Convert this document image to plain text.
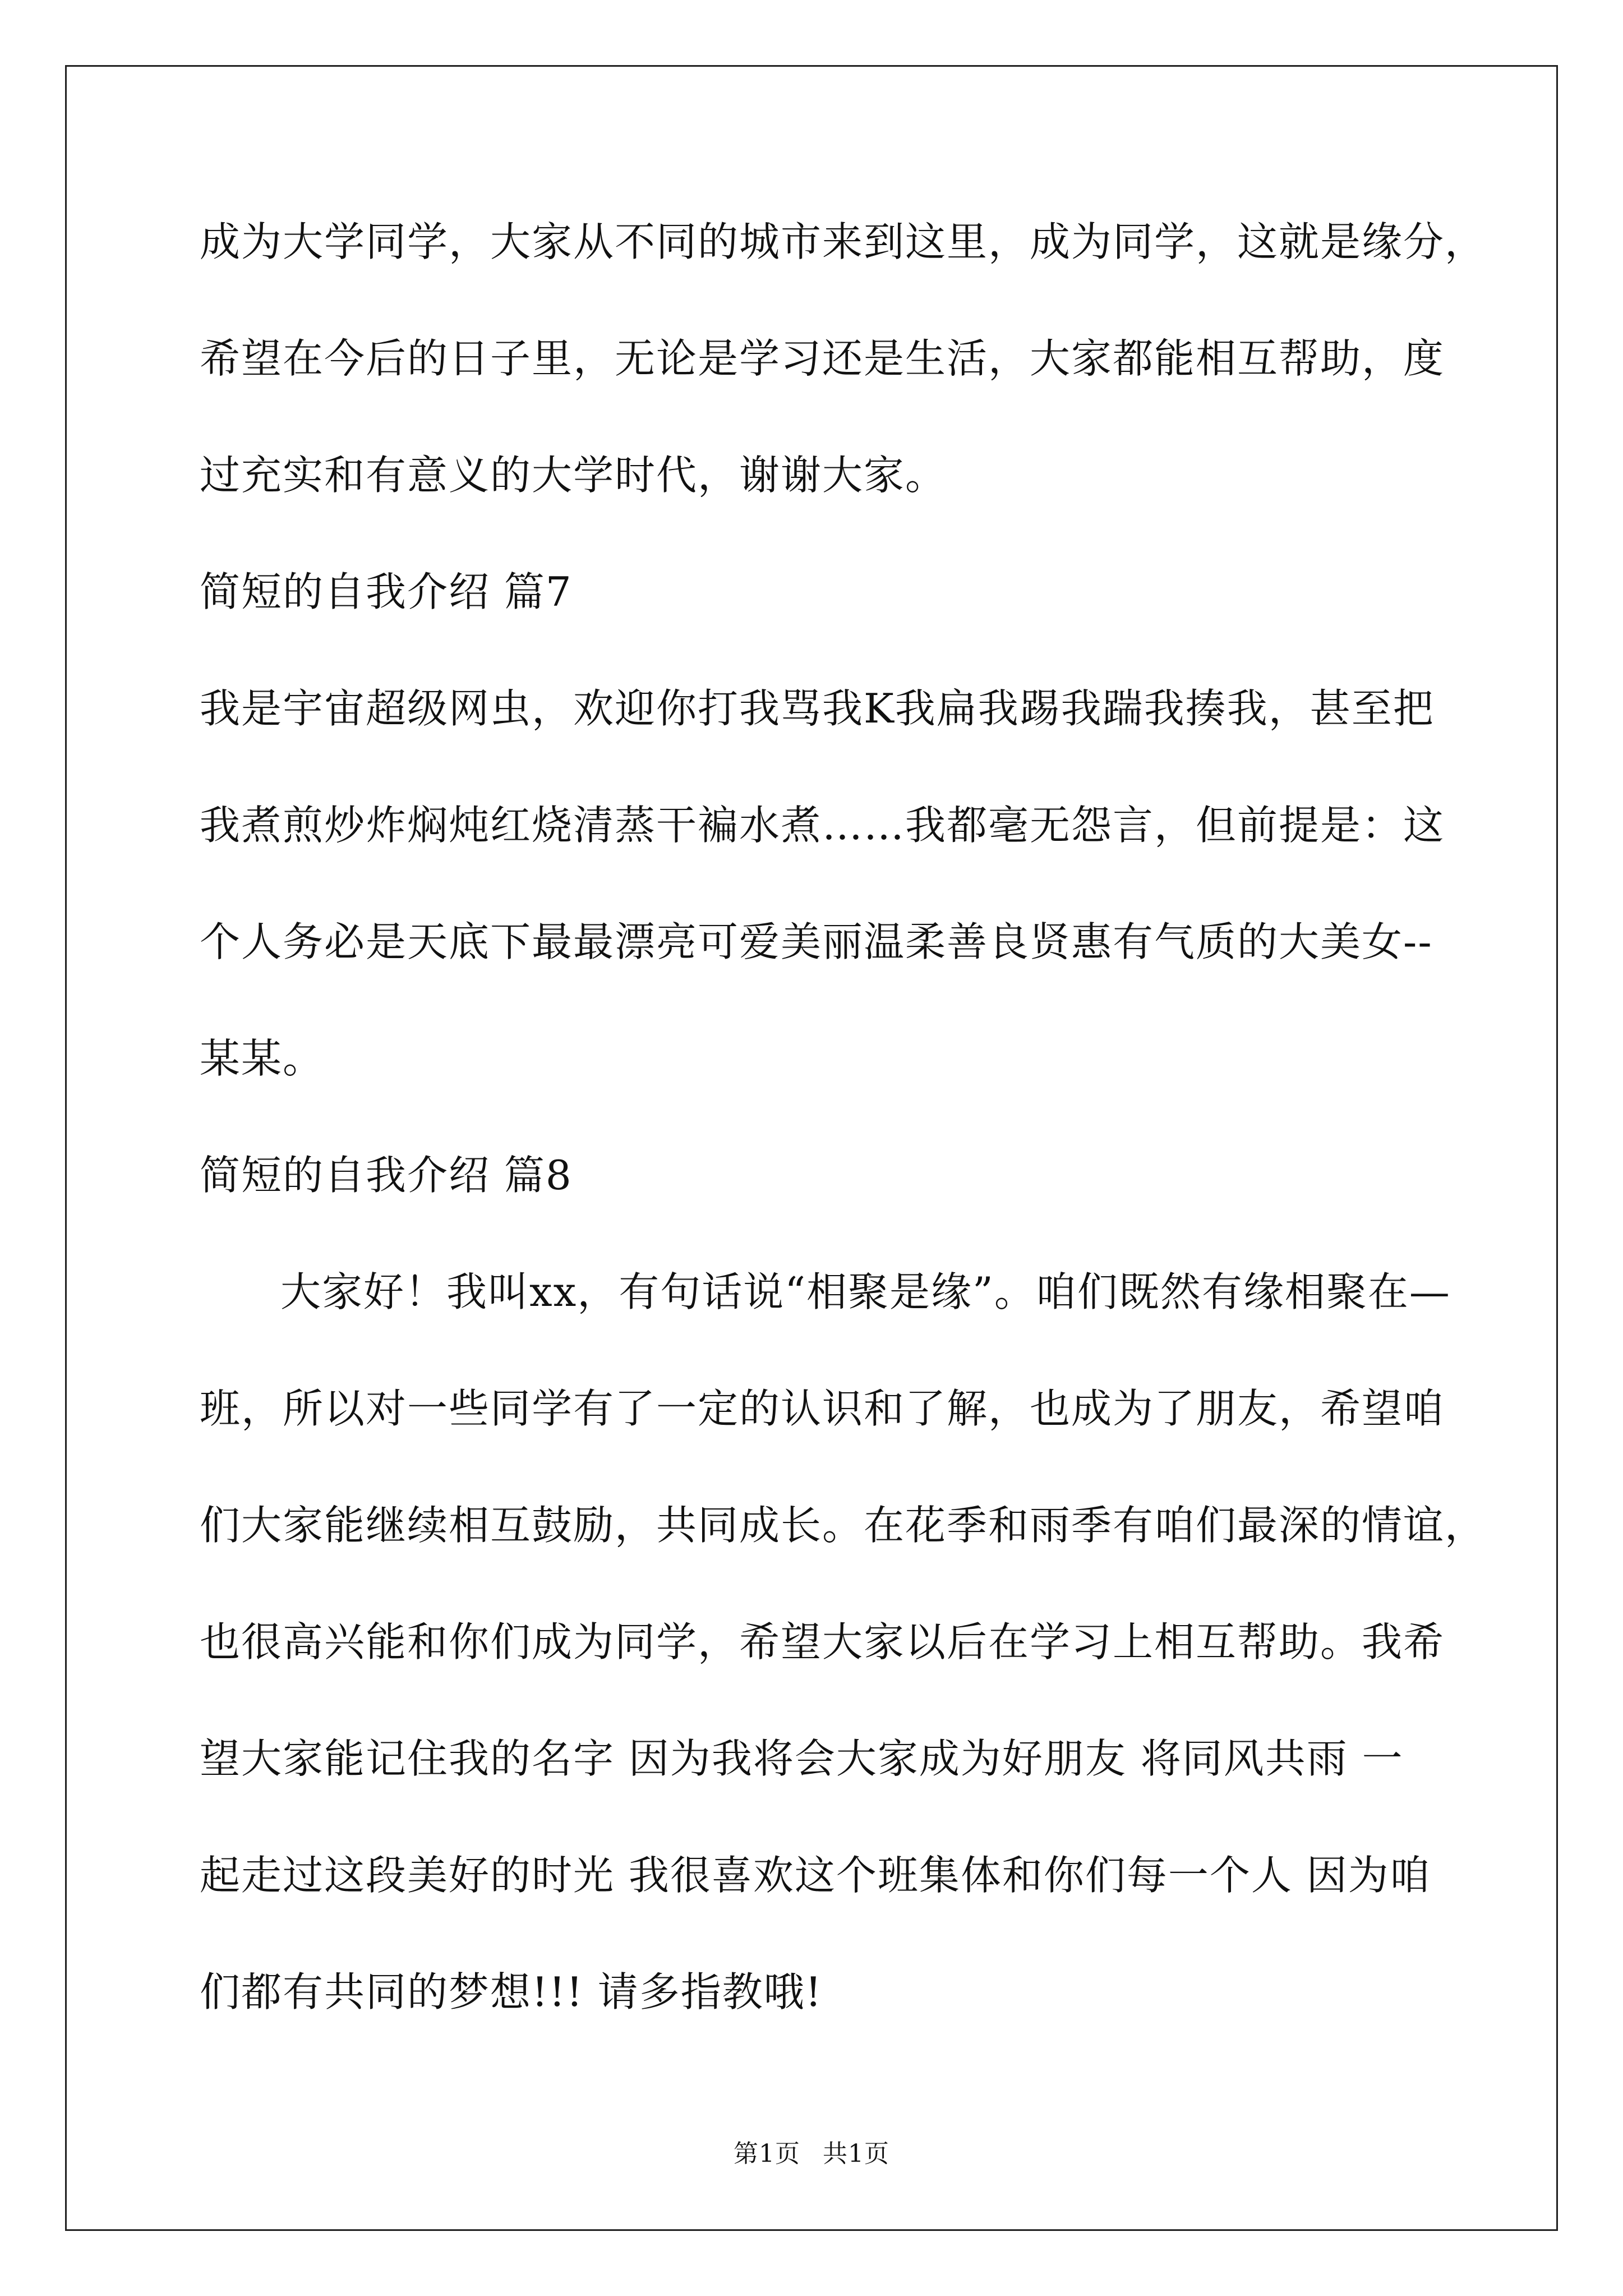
成为大学同学，大家从不同的城市来到这里，成为同学，这就是缘分，
希望在今后的日子里，无论是学习还是生活，大家都能相互帮助，度
过充实和有意义的大学时代，谢谢大家。
简短的自我介绍 篇7
我是宇宙超级网虫，欢迎你打我骂我K我扁我踢我踹我揍我，甚至把
我煮煎炒炸焖炖红烧清蒸干褊水煮……我都毫无怨言，但前提是：这
个人务必是天底下最最漂亮可爱美丽温柔善良贤惠有气质的大美女--
某某。
简短的自我介绍 篇8
大家好！我叫xx，有句话说“相聚是缘”。咱们既然有缘相聚在—
班，所以对一些同学有了一定的认识和了解，也成为了朋友，希望咱
们大家能继续相互鼓励，共同成长。在花季和雨季有咱们最深的情谊，
也很高兴能和你们成为同学，希望大家以后在学习上相互帮助。我希
望大家能记住我的名字 因为我将会大家成为好朋友 将同风共雨 一
起走过这段美好的时光 我很喜欢这个班集体和你们每一个人 因为咱
们都有共同的梦想!!! 请多指教哦!
第1页 共1页
